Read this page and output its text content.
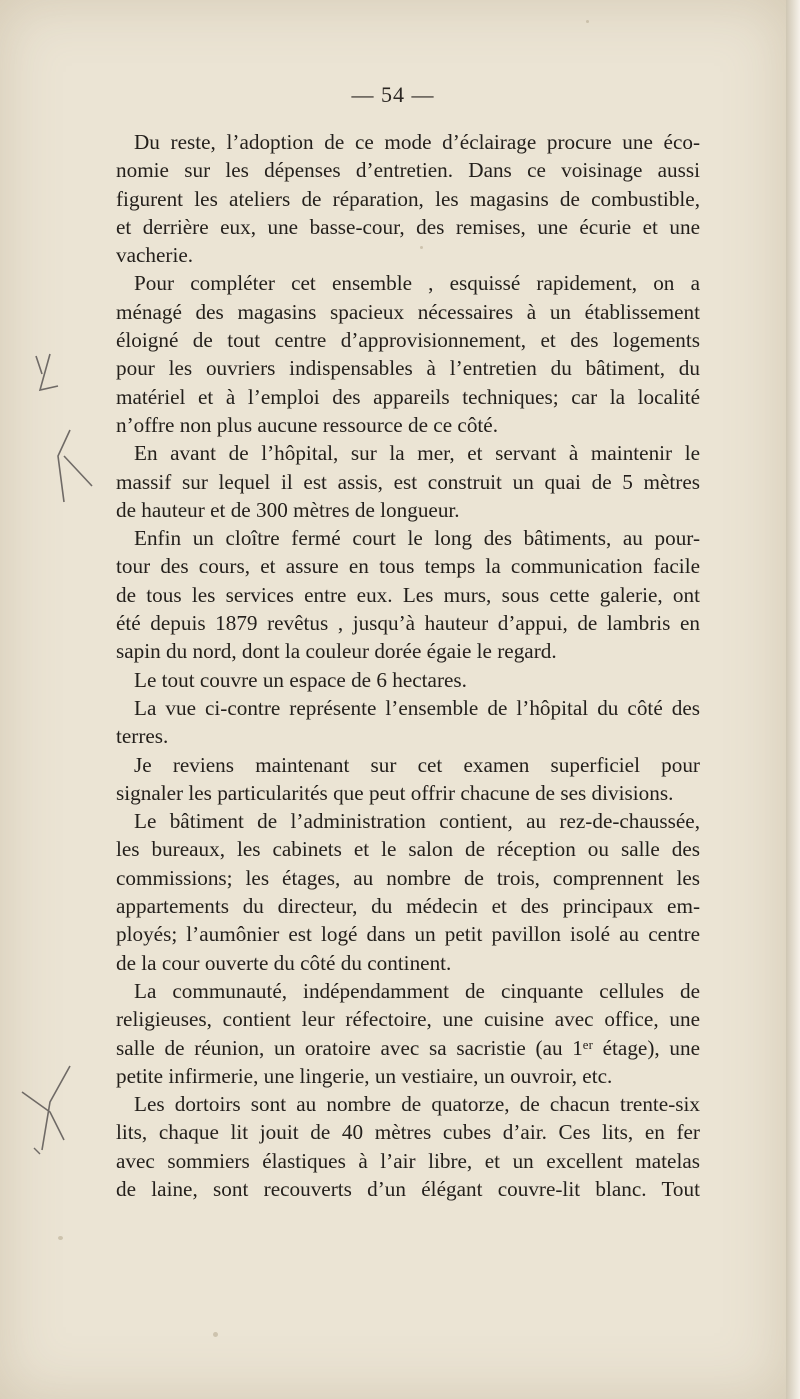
— 54 —
Du reste, l’adoption de ce mode d’éclairage procure une éco-
nomie sur les dépenses d’entretien. Dans ce voisinage aussi
figurent les ateliers de réparation, les magasins de combustible,
et derrière eux, une basse-cour, des remises, une écurie et une
vacherie.
Pour compléter cet ensemble , esquissé rapidement, on a
ménagé des magasins spacieux nécessaires à un établissement
éloigné de tout centre d’approvisionnement, et des logements
pour les ouvriers indispensables à l’entretien du bâtiment, du
matériel et à l’emploi des appareils techniques; car la localité
n’offre non plus aucune ressource de ce côté.
En avant de l’hôpital, sur la mer, et servant à maintenir le
massif sur lequel il est assis, est construit un quai de 5 mètres
de hauteur et de 300 mètres de longueur.
Enfin un cloître fermé court le long des bâtiments, au pour-
tour des cours, et assure en tous temps la communication facile
de tous les services entre eux. Les murs, sous cette galerie, ont
été depuis 1879 revêtus , jusqu’à hauteur d’appui, de lambris en
sapin du nord, dont la couleur dorée égaie le regard.
Le tout couvre un espace de 6 hectares.
La vue ci-contre représente l’ensemble de l’hôpital du côté des
terres.
Je reviens maintenant sur cet examen superficiel pour
signaler les particularités que peut offrir chacune de ses divisions.
Le bâtiment de l’administration contient, au rez-de-chaussée,
les bureaux, les cabinets et le salon de réception ou salle des
commissions; les étages, au nombre de trois, comprennent les
appartements du directeur, du médecin et des principaux em-
ployés; l’aumônier est logé dans un petit pavillon isolé au centre
de la cour ouverte du côté du continent.
La communauté, indépendamment de cinquante cellules de
religieuses, contient leur réfectoire, une cuisine avec office, une
salle de réunion, un oratoire avec sa sacristie (au 1ᵉʳ étage), une
petite infirmerie, une lingerie, un vestiaire, un ouvroir, etc.
Les dortoirs sont au nombre de quatorze, de chacun trente-six
lits, chaque lit jouit de 40 mètres cubes d’air. Ces lits, en fer
avec sommiers élastiques à l’air libre, et un excellent matelas
de laine, sont recouverts d’un élégant couvre-lit blanc. Tout
